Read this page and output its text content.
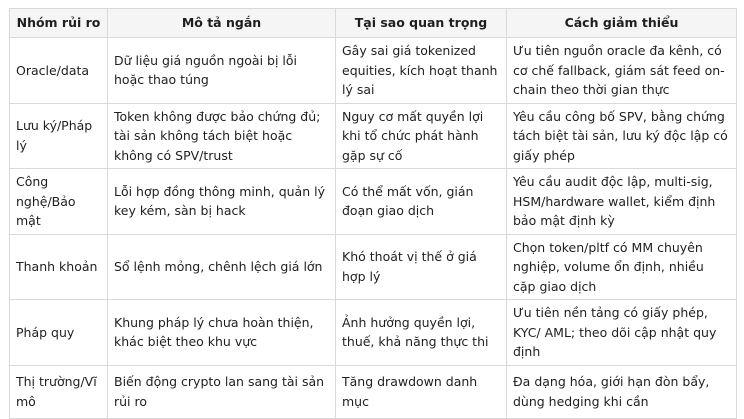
Nhóm rủi ro	Mô tả ngắn	Tại sao quan trọng	Cách giảm thiểu
Oracle/data	Dữ liệu giá nguồn ngoài bị lỗi hoặc thao túng	Gây sai giá tokenized equities, kích hoạt thanh lý sai	Ưu tiên nguồn oracle đa kênh, có cơ chế fallback, giám sát feed on-chain theo thời gian thực
Lưu ký/Pháp lý	Token không được bảo chứng đủ; tài sản không tách biệt hoặc không có SPV/trust	Nguy cơ mất quyền lợi khi tổ chức phát hành gặp sự cố	Yêu cầu công bố SPV, bằng chứng tách biệt tài sản, lưu ký độc lập có giấy phép
Công nghệ/Bảo mật	Lỗi hợp đồng thông minh, quản lý key kém, sàn bị hack	Có thể mất vốn, gián đoạn giao dịch	Yêu cầu audit độc lập, multi-sig, HSM/hardware wallet, kiểm định bảo mật định kỳ
Thanh khoản	Sổ lệnh mỏng, chênh lệch giá lớn	Khó thoát vị thế ở giá hợp lý	Chọn token/pltf có MM chuyên nghiệp, volume ổn định, nhiều cặp giao dịch
Pháp quy	Khung pháp lý chưa hoàn thiện, khác biệt theo khu vực	Ảnh hưởng quyền lợi, thuế, khả năng thực thi	Ưu tiên nền tảng có giấy phép, KYC/ AML; theo dõi cập nhật quy định
Thị trường/Vĩ mô	Biến động crypto lan sang tài sản rủi ro	Tăng drawdown danh mục	Đa dạng hóa, giới hạn đòn bẩy, dùng hedging khi cần
